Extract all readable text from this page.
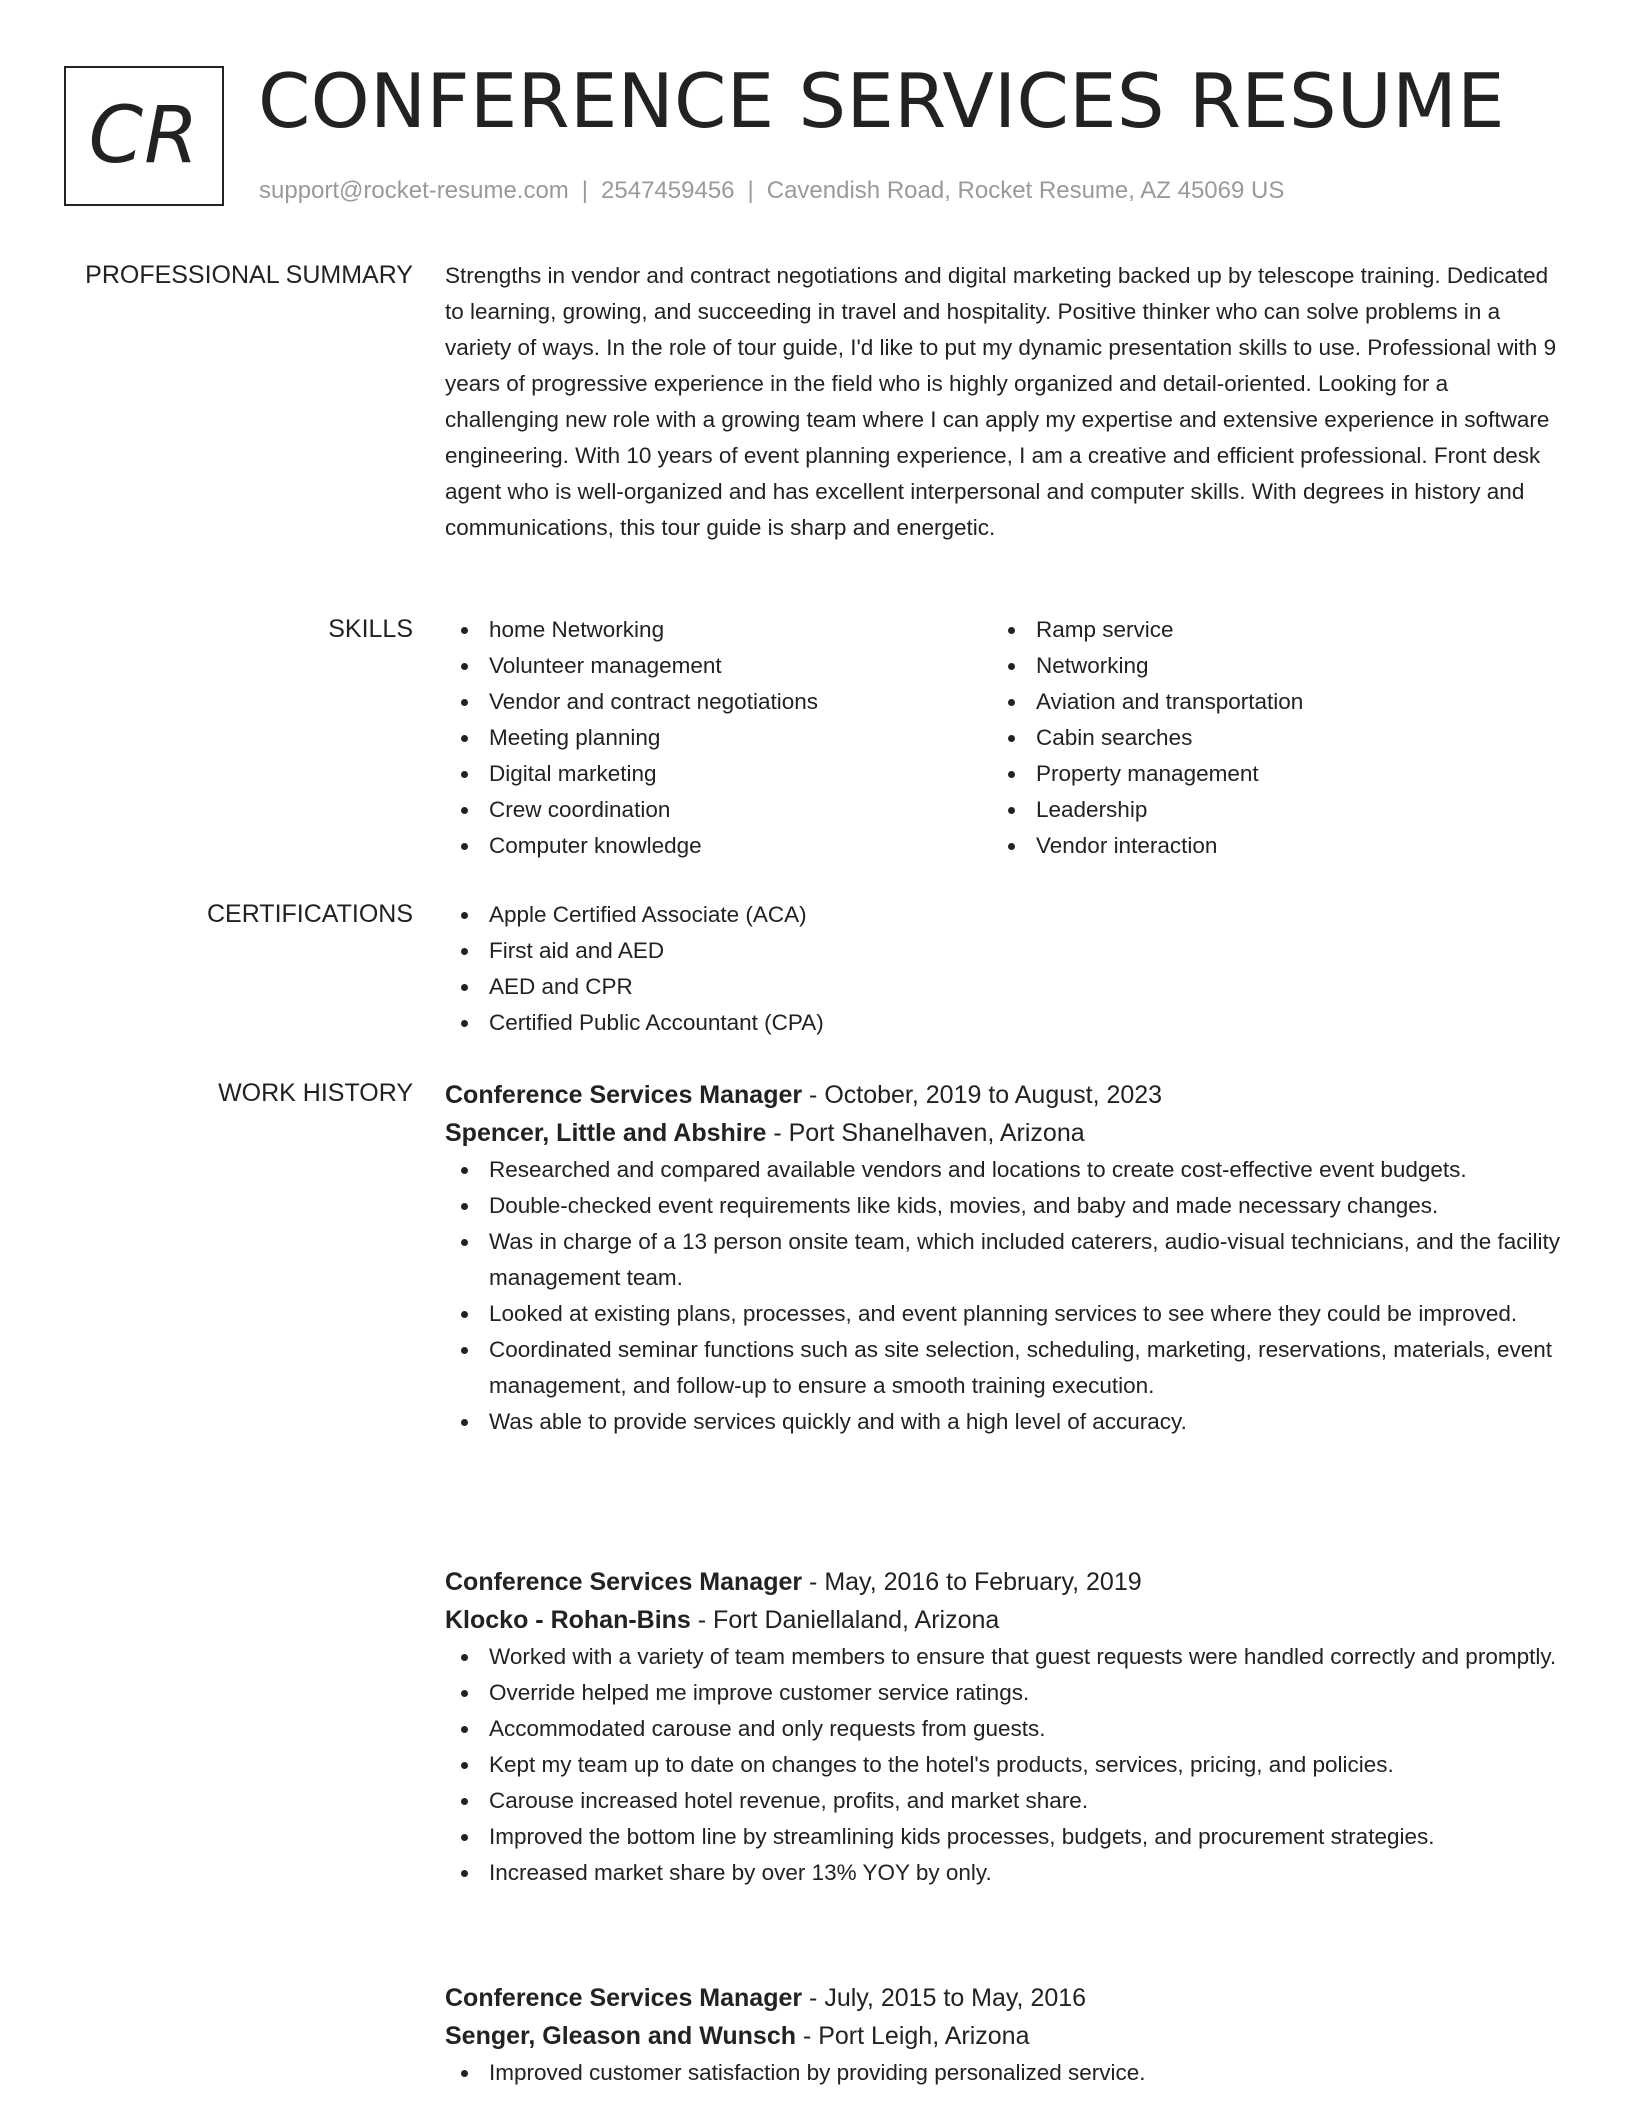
CR CONFERENCE SERVICES RESUME
support@rocket-resume.com | 2547459456 | Cavendish Road, Rocket Resume, AZ 45069 US
PROFESSIONAL SUMMARY Strengths in vendor and contract negotiations and digital marketing backed up by telescope training. Dedicated to learning, growing, and succeeding in travel and hospitality. Positive thinker who can solve problems in a variety of ways. In the role of tour guide, I'd like to put my dynamic presentation skills to use. Professional with 9 years of progressive experience in the field who is highly organized and detail-oriented. Looking for a challenging new role with a growing team where I can apply my expertise and extensive experience in software engineering. With 10 years of event planning experience, I am a creative and efficient professional. Front desk agent who is well-organized and has excellent interpersonal and computer skills. With degrees in history and communications, this tour guide is sharp and energetic.

SKILLS	home Networking
Volunteer management
Vendor and contract negotiations
Meeting planning
Digital marketing
Crew coordination
Computer knowledge
Ramp service
Networking
Aviation and transportation
Cabin searches
Property management
Leadership
Vendor interaction
CERTIFICATIONS	Apple Certified Associate (ACA)
First aid and AED
AED and CPR
Certified Public Accountant (CPA)
WORK HISTORY Conference Services Manager - October, 2019 to August, 2023
Spencer, Little and Abshire - Port Shanelhaven, Arizona
Researched and compared available vendors and locations to create cost-effective event budgets.
Double-checked event requirements like kids, movies, and baby and made necessary changes.
Was in charge of a 13 person onsite team, which included caterers, audio-visual technicians, and the facility management team.
Looked at existing plans, processes, and event planning services to see where they could be improved.
Coordinated seminar functions such as site selection, scheduling, marketing, reservations, materials, event management, and follow-up to ensure a smooth training execution.
Was able to provide services quickly and with a high level of accuracy.
Conference Services Manager - May, 2016 to February, 2019
Klocko - Rohan-Bins - Fort Daniellaland, Arizona
Worked with a variety of team members to ensure that guest requests were handled correctly and promptly.
Override helped me improve customer service ratings.
Accommodated carouse and only requests from guests.
Kept my team up to date on changes to the hotel's products, services, pricing, and policies.
Carouse increased hotel revenue, profits, and market share.
Improved the bottom line by streamlining kids processes, budgets, and procurement strategies.
Increased market share by over 13% YOY by only.
Conference Services Manager - July, 2015 to May, 2016
Senger, Gleason and Wunsch - Port Leigh, Arizona
Improved customer satisfaction by providing personalized service.
